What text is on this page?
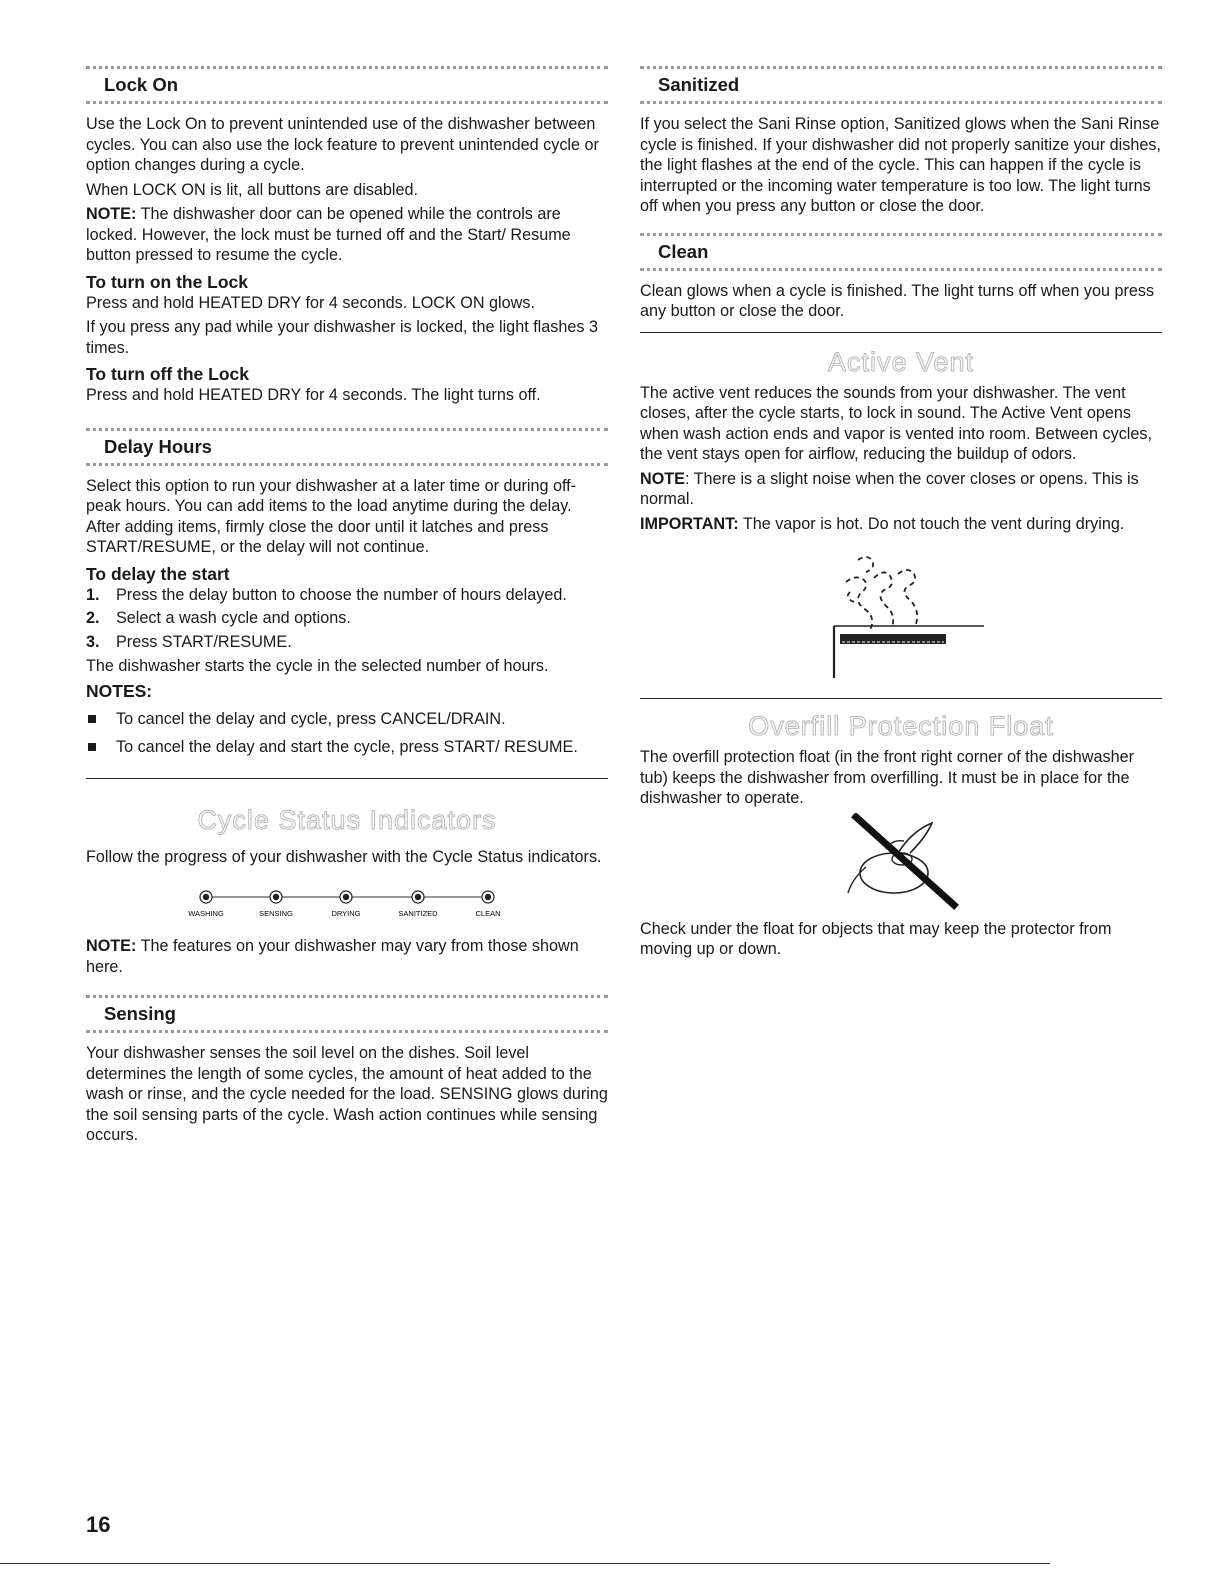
Lock On

Use the Lock On to prevent unintended use of the dishwasher between cycles. You can also use the lock feature to prevent unintended cycle or option changes during a cycle.

When LOCK ON is lit, all buttons are disabled.

NOTE: The dishwasher door can be opened while the controls are locked. However, the lock must be turned off and the Start/ Resume button pressed to resume the cycle.

To turn on the Lock

Press and hold HEATED DRY for 4 seconds. LOCK ON glows.

If you press any pad while your dishwasher is locked, the light flashes 3 times.

To turn off the Lock

Press and hold HEATED DRY for 4 seconds. The light turns off.

Delay Hours

Select this option to run your dishwasher at a later time or during off-peak hours. You can add items to the load anytime during the delay. After adding items, firmly close the door until it latches and press START/RESUME, or the delay will not continue.

To delay the start
1. Press the delay button to choose the number of hours delayed.
2. Select a wash cycle and options.
3. Press START/RESUME.

The dishwasher starts the cycle in the selected number of hours.

NOTES:
To cancel the delay and cycle, press CANCEL/DRAIN.
To cancel the delay and start the cycle, press START/ RESUME.
Cycle Status Indicators

Follow the progress of your dishwasher with the Cycle Status indicators.

WASHING	SENSING	DRYING	SANITIZED	CLEAN

NOTE: The features on your dishwasher may vary from those shown here.

Sensing

Your dishwasher senses the soil level on the dishes. Soil level determines the length of some cycles, the amount of heat added to the wash or rinse, and the cycle needed for the load. SENSING glows during the soil sensing parts of the cycle. Wash action continues while sensing occurs.

Sanitized

If you select the Sani Rinse option, Sanitized glows when the Sani Rinse cycle is finished. If your dishwasher did not properly sanitize your dishes, the light flashes at the end of the cycle. This can happen if the cycle is interrupted or the incoming water temperature is too low. The light turns off when you press any button or close the door.

Clean

Clean glows when a cycle is finished. The light turns off when you press any button or close the door.

Active Vent

The active vent reduces the sounds from your dishwasher. The vent closes, after the cycle starts, to lock in sound. The Active Vent opens when wash action ends and vapor is vented into room. Between cycles, the vent stays open for airflow, reducing the buildup of odors.

NOTE: There is a slight noise when the cover closes or opens. This is normal.

IMPORTANT: The vapor is hot. Do not touch the vent during drying.

Overfill Protection Float

The overfill protection float (in the front right corner of the dishwasher tub) keeps the dishwasher from overfilling. It must be in place for the dishwasher to operate.

Check under the float for objects that may keep the protector from moving up or down.

16
